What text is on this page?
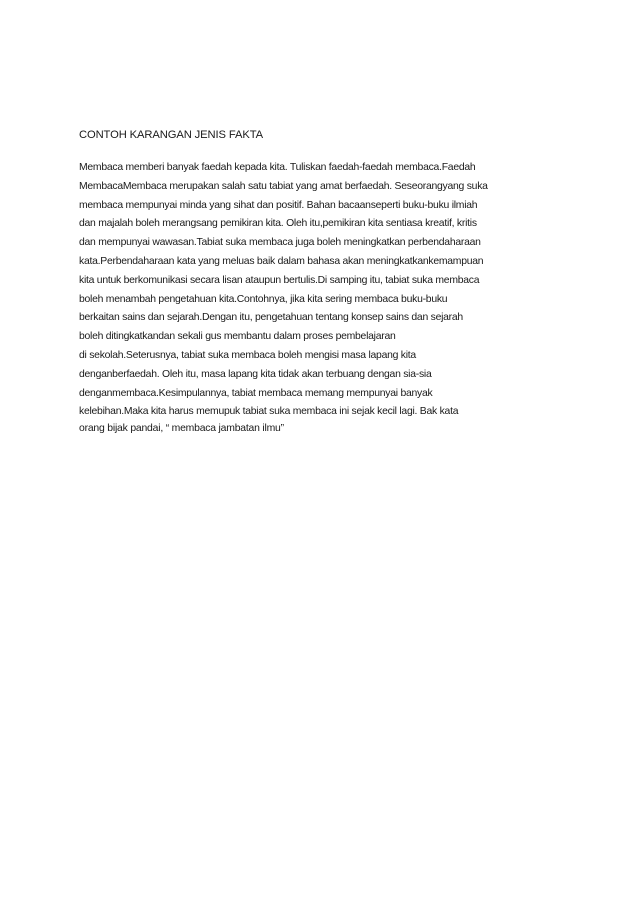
CONTOH KARANGAN JENIS FAKTA
Membaca memberi banyak faedah kepada kita. Tuliskan faedah-faedah membaca.Faedah
MembacaMembaca merupakan salah satu tabiat yang amat berfaedah. Seseorangyang suka
membaca mempunyai minda yang sihat dan positif. Bahan bacaanseperti buku-buku ilmiah
dan majalah boleh merangsang pemikiran kita. Oleh itu,pemikiran kita sentiasa kreatif, kritis
dan mempunyai wawasan.Tabiat suka membaca juga boleh meningkatkan perbendaharaan
kata.Perbendaharaan kata yang meluas baik dalam bahasa akan meningkatkankemampuan
kita untuk berkomunikasi secara lisan ataupun bertulis.Di samping itu, tabiat suka membaca
boleh menambah pengetahuan kita.Contohnya, jika kita sering membaca buku-buku
berkaitan sains dan sejarah.Dengan itu, pengetahuan tentang konsep sains dan sejarah
boleh ditingkatkandan sekali gus membantu dalam proses pembelajaran
di sekolah.Seterusnya, tabiat suka membaca boleh mengisi masa lapang kita
denganberfaedah. Oleh itu, masa lapang kita tidak akan terbuang dengan sia-sia
denganmembaca.Kesimpulannya, tabiat membaca memang mempunyai banyak
kelebihan.Maka kita harus memupuk tabiat suka membaca ini sejak kecil lagi. Bak kata
orang bijak pandai, “ membaca jambatan ilmu”
